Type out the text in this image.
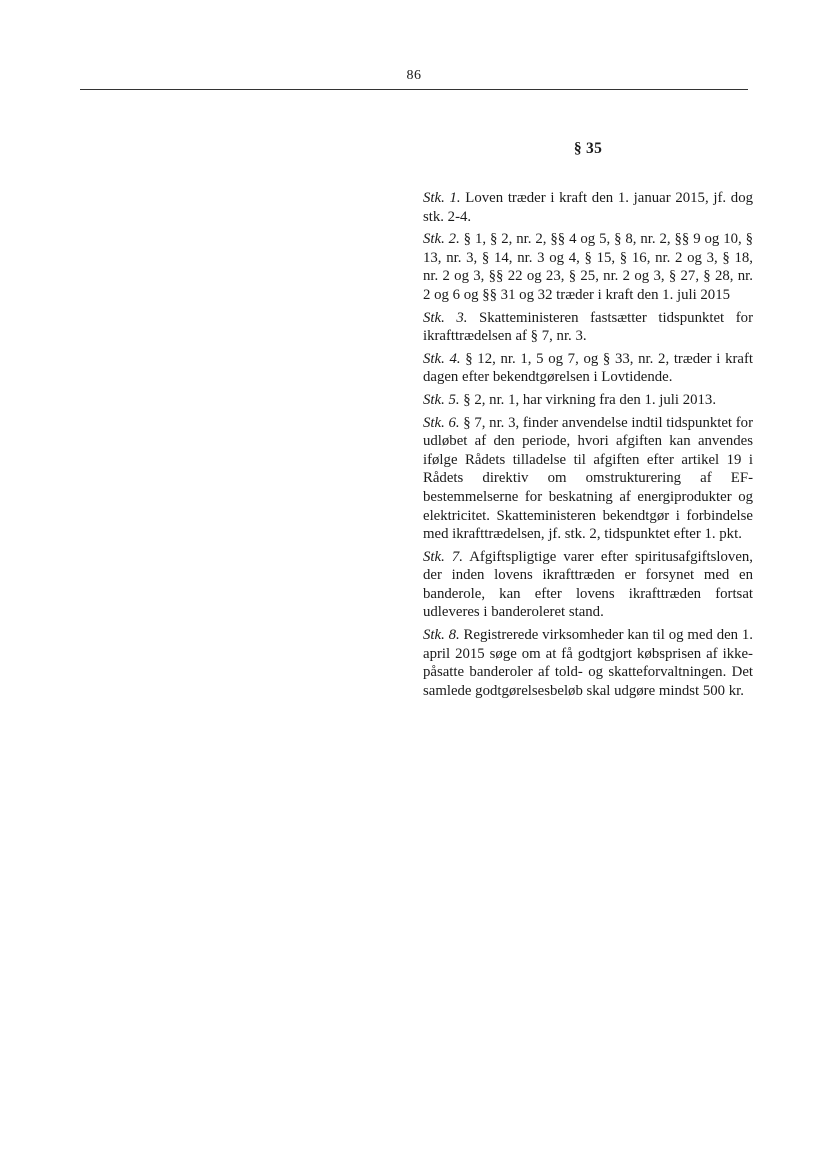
86
§ 35

Stk. 1. Loven træder i kraft den 1. januar 2015, jf. dog stk. 2-4.

Stk. 2. § 1, § 2, nr. 2, §§ 4 og 5, § 8, nr. 2, §§ 9 og 10, § 13, nr. 3, § 14, nr. 3 og 4, § 15, § 16, nr. 2 og 3, § 18, nr. 2 og 3, §§ 22 og 23, § 25, nr. 2 og 3, § 27, § 28, nr. 2 og 6 og §§ 31 og 32 træder i kraft den 1. juli 2015

Stk. 3. Skatteministeren fastsætter tidspunktet for ikrafttrædelsen af § 7, nr. 3.

Stk. 4. § 12, nr. 1, 5 og 7, og § 33, nr. 2, træder i kraft dagen efter bekendtgørelsen i Lovtidende.

Stk. 5. § 2, nr. 1, har virkning fra den 1. juli 2013.

Stk. 6. § 7, nr. 3, finder anvendelse indtil tidspunktet for udløbet af den periode, hvori afgiften kan anvendes ifølge Rådets tilladelse til afgiften efter artikel 19 i Rådets direktiv om omstrukturering af EF-bestemmelserne for beskatning af energiprodukter og elektricitet. Skatteministeren bekendtgør i forbindelse med ikrafttrædelsen, jf. stk. 2, tidspunktet efter 1. pkt.

Stk. 7. Afgiftspligtige varer efter spiritusafgiftsloven, der inden lovens ikrafttræden er forsynet med en banderole, kan efter lovens ikrafttræden fortsat udleveres i banderoleret stand.

Stk. 8. Registrerede virksomheder kan til og med den 1. april 2015 søge om at få godtgjort købsprisen af ikke-påsatte banderoler af told- og skatteforvaltningen. Det samlede godtgørelsesbeløb skal udgøre mindst 500 kr.
